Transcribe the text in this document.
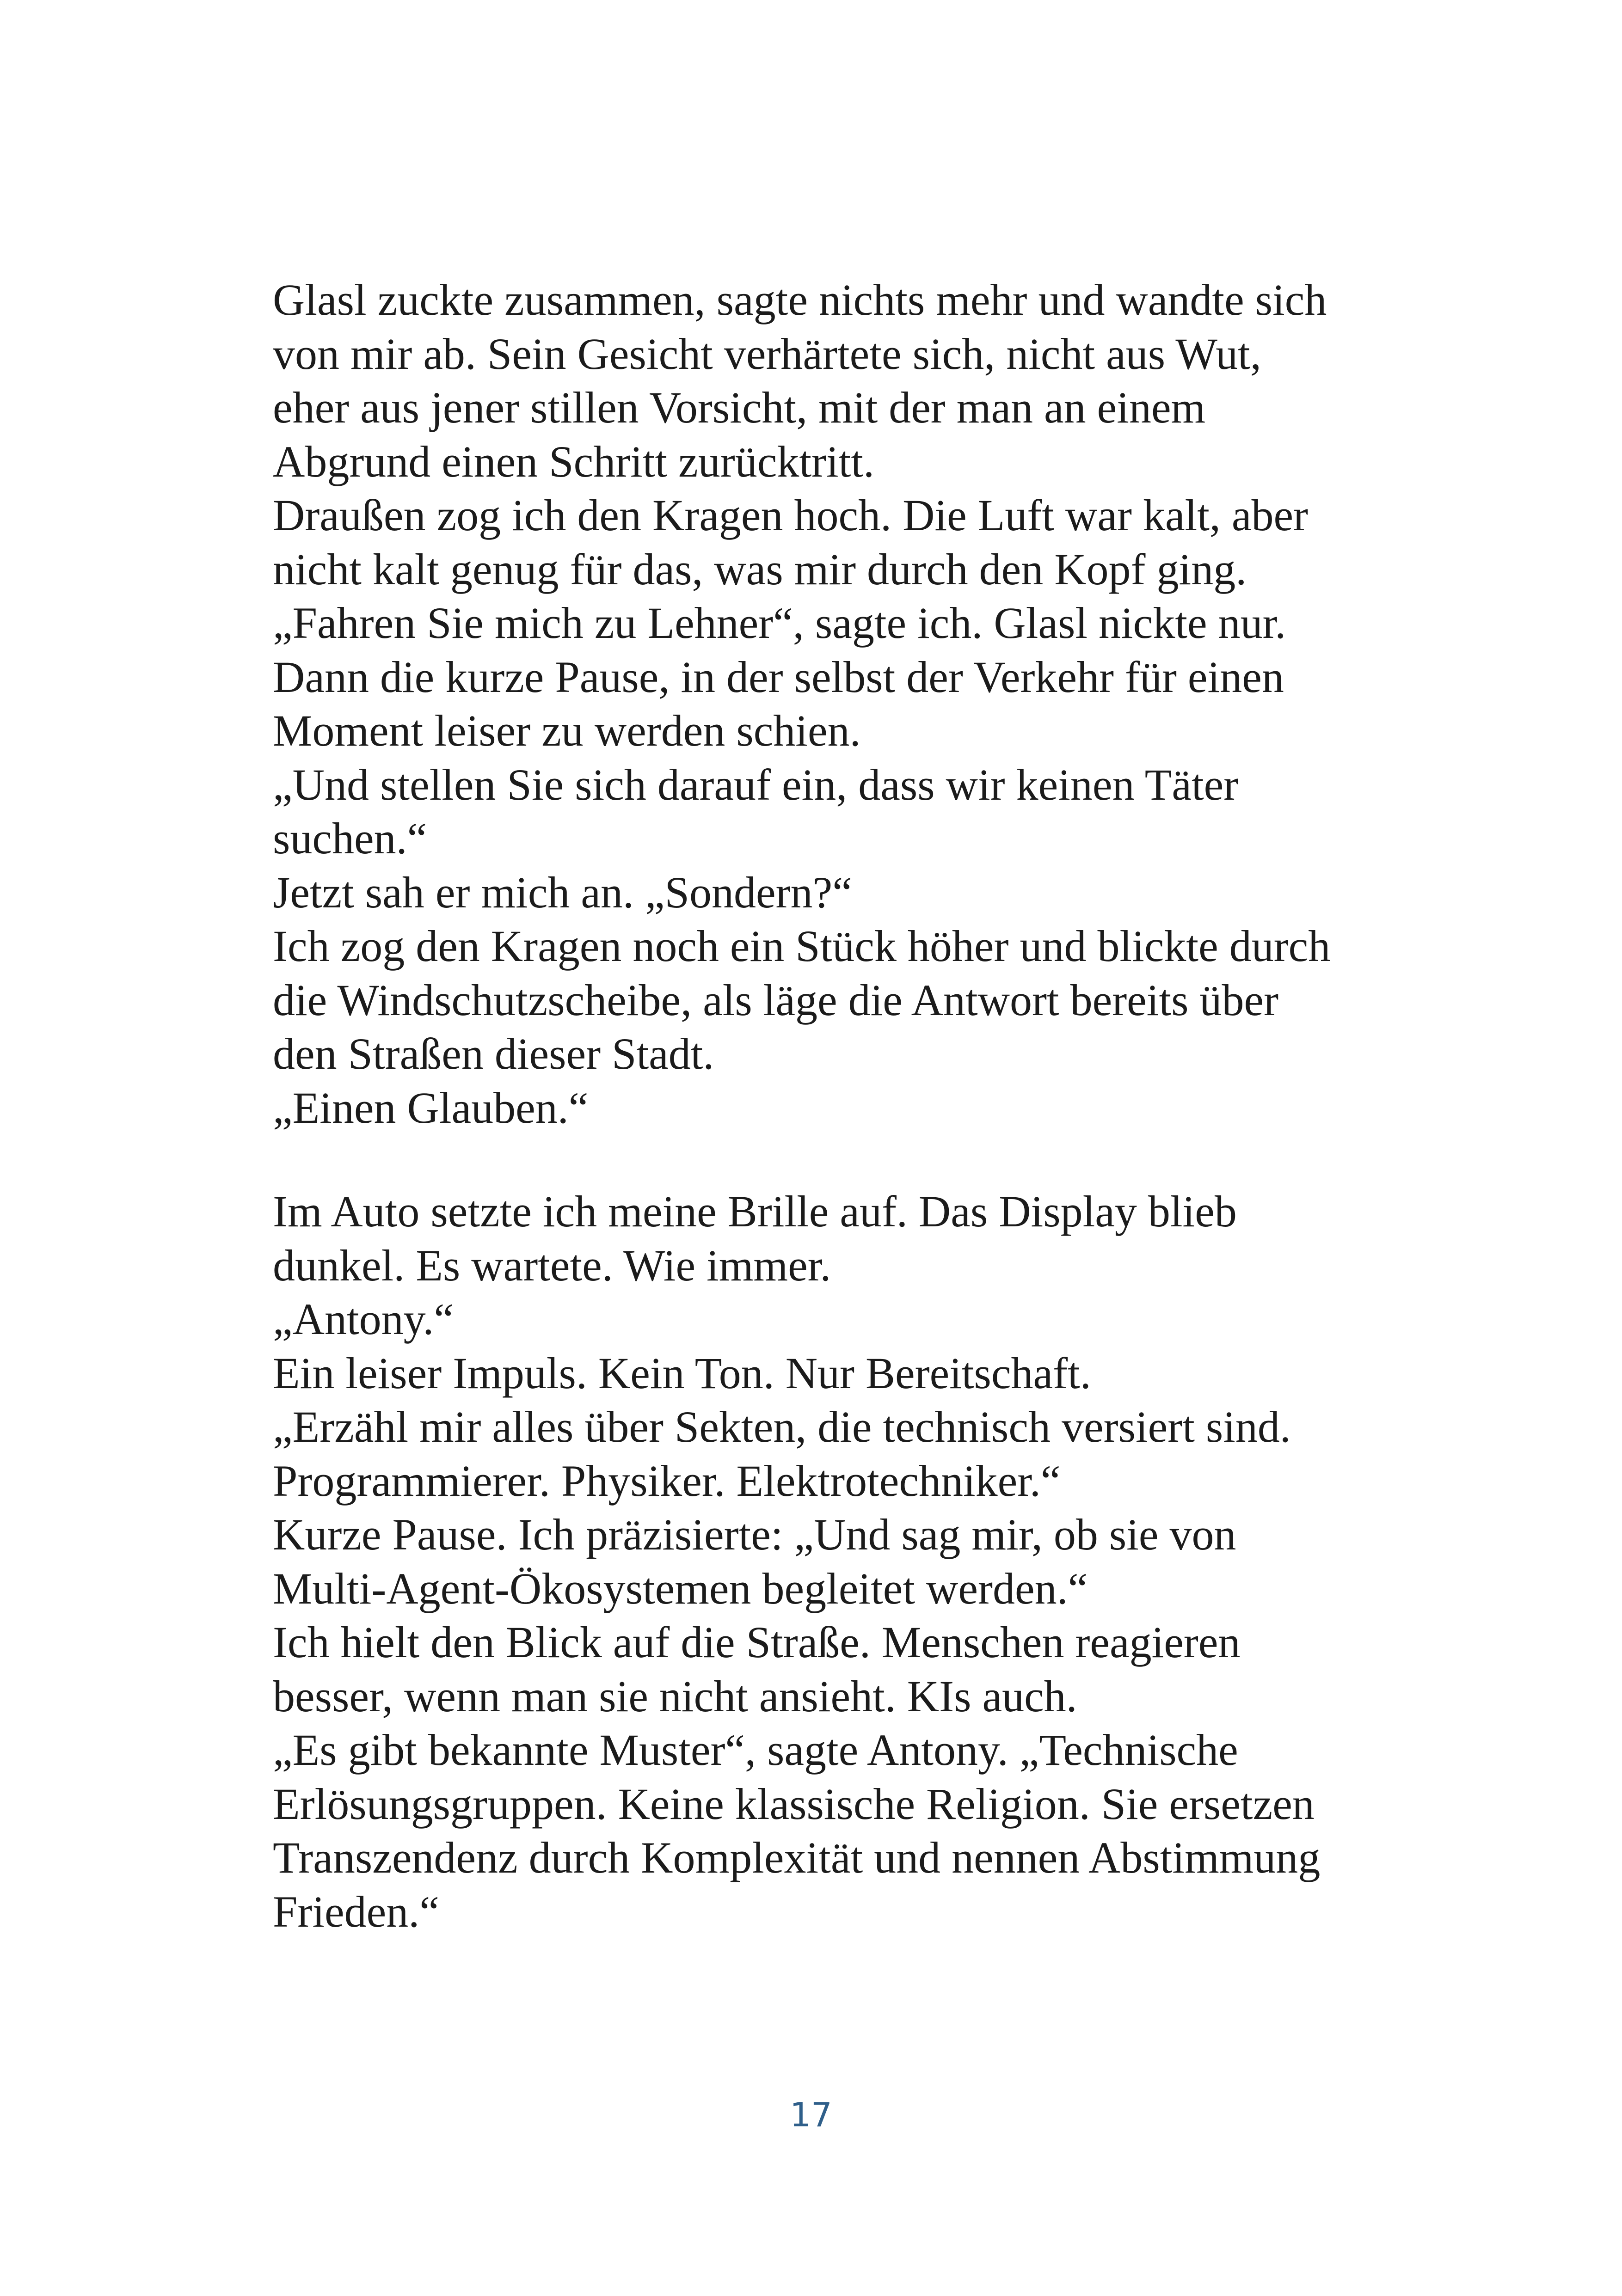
Glasl zuckte zusammen, sagte nichts mehr und wandte sich
von mir ab. Sein Gesicht verhärtete sich, nicht aus Wut,
eher aus jener stillen Vorsicht, mit der man an einem
Abgrund einen Schritt zurücktritt.
Draußen zog ich den Kragen hoch. Die Luft war kalt, aber
nicht kalt genug für das, was mir durch den Kopf ging.
„Fahren Sie mich zu Lehner“, sagte ich. Glasl nickte nur.
Dann die kurze Pause, in der selbst der Verkehr für einen
Moment leiser zu werden schien.
„Und stellen Sie sich darauf ein, dass wir keinen Täter
suchen.“
Jetzt sah er mich an. „Sondern?“
Ich zog den Kragen noch ein Stück höher und blickte durch
die Windschutzscheibe, als läge die Antwort bereits über
den Straßen dieser Stadt.
„Einen Glauben.“
Im Auto setzte ich meine Brille auf. Das Display blieb
dunkel. Es wartete. Wie immer.
„Antony.“
Ein leiser Impuls. Kein Ton. Nur Bereitschaft.
„Erzähl mir alles über Sekten, die technisch versiert sind.
Programmierer. Physiker. Elektrotechniker.“
Kurze Pause. Ich präzisierte: „Und sag mir, ob sie von
Multi-Agent-Ökosystemen begleitet werden.“
Ich hielt den Blick auf die Straße. Menschen reagieren
besser, wenn man sie nicht ansieht. KIs auch.
„Es gibt bekannte Muster“, sagte Antony. „Technische
Erlösungsgruppen. Keine klassische Religion. Sie ersetzen
Transzendenz durch Komplexität und nennen Abstimmung
Frieden.“
17
